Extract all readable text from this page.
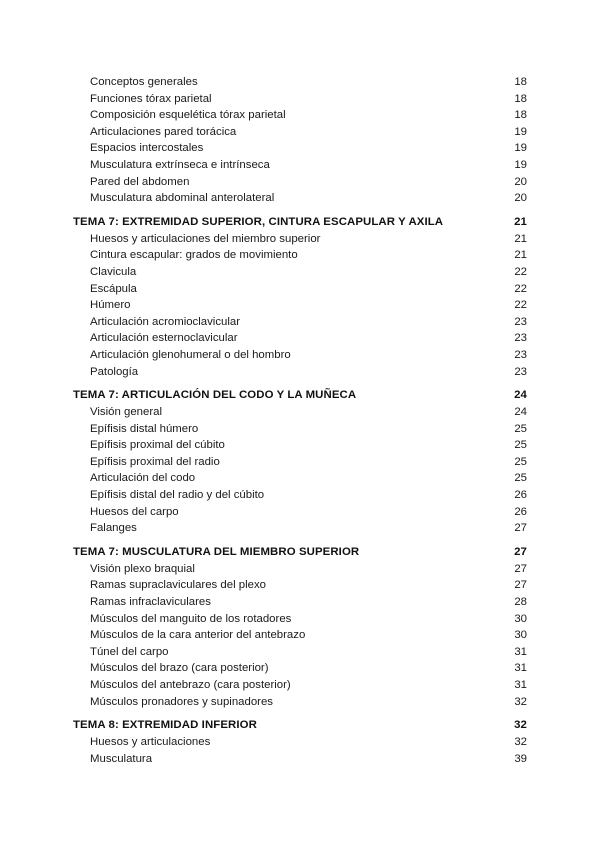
Conceptos generales	18
Funciones tórax parietal	18
Composición esquelética tórax parietal	18
Articulaciones pared torácica	19
Espacios intercostales	19
Musculatura extrínseca e intrínseca	19
Pared del abdomen	20
Musculatura abdominal anterolateral	20
TEMA 7: EXTREMIDAD SUPERIOR, CINTURA ESCAPULAR Y AXILA	21
Huesos y articulaciones del miembro superior	21
Cintura escapular: grados de movimiento	21
Clavicula	22
Escápula	22
Húmero	22
Articulación acromioclavicular	23
Articulación esternoclavicular	23
Articulación glenohumeral o del hombro	23
Patología	23
TEMA 7: ARTICULACIÓN DEL CODO Y LA MUÑECA	24
Visión general	24
Epífisis distal húmero	25
Epífisis proximal del cúbito	25
Epífisis proximal del radio	25
Articulación del codo	25
Epífisis distal del radio y del cúbito	26
Huesos del carpo	26
Falanges	27
TEMA 7: MUSCULATURA DEL MIEMBRO SUPERIOR	27
Visión plexo braquial	27
Ramas supraclaviculares del plexo	27
Ramas infraclaviculares	28
Músculos del manguito de los rotadores	30
Músculos de la cara anterior del antebrazo	30
Túnel del carpo	31
Músculos del brazo (cara posterior)	31
Músculos del antebrazo (cara posterior)	31
Músculos pronadores y supinadores	32
TEMA 8: EXTREMIDAD INFERIOR	32
Huesos y articulaciones	32
Musculatura	39
